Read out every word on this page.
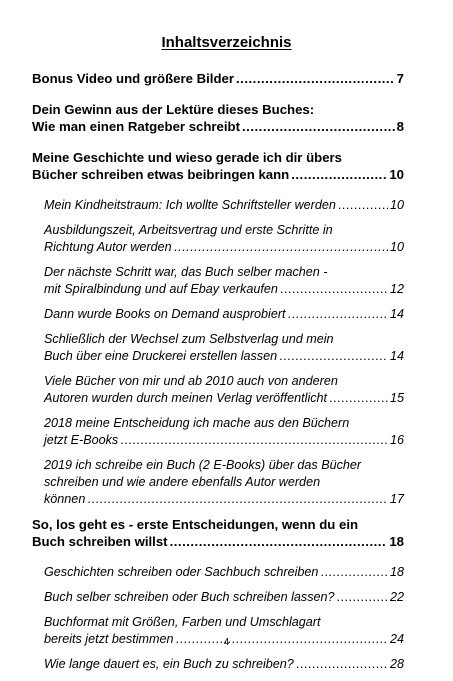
Inhaltsverzeichnis
Bonus Video und größere Bilder .....	7
Dein Gewinn aus der Lektüre dieses Buches:
Wie man einen Ratgeber schreibt .....	8
Meine Geschichte und wieso gerade ich dir übers
Bücher schreiben etwas beibringen kann .....	10
Mein Kindheitstraum: Ich wollte Schriftsteller werden .....	10
Ausbildungszeit, Arbeitsvertrag und erste Schritte in
Richtung Autor werden .....	10
Der nächste Schritt war, das Buch selber machen -
mit Spiralbindung und auf Ebay verkaufen .....	12
Dann wurde Books on Demand ausprobiert .....	14
Schließlich der Wechsel zum Selbstverlag und mein
Buch über eine Druckerei erstellen lassen .....	14
Viele Bücher von mir und ab 2010 auch von anderen
Autoren wurden durch meinen Verlag veröffentlicht .....	15
2018 meine Entscheidung ich mache aus den Büchern
jetzt E-Books .....	16
2019 ich schreibe ein Buch (2 E-Books) über das Bücher
schreiben und wie andere ebenfalls Autor werden
können .....	17
So, los geht es - erste Entscheidungen, wenn du ein
Buch schreiben willst .....	18
Geschichten schreiben oder Sachbuch schreiben .....	18
Buch selber schreiben oder Buch schreiben lassen? .....	22
Buchformat mit Größen, Farben und Umschlagart
bereits jetzt bestimmen .....	24
Wie lange dauert es, ein Buch zu schreiben? .....	28
4
